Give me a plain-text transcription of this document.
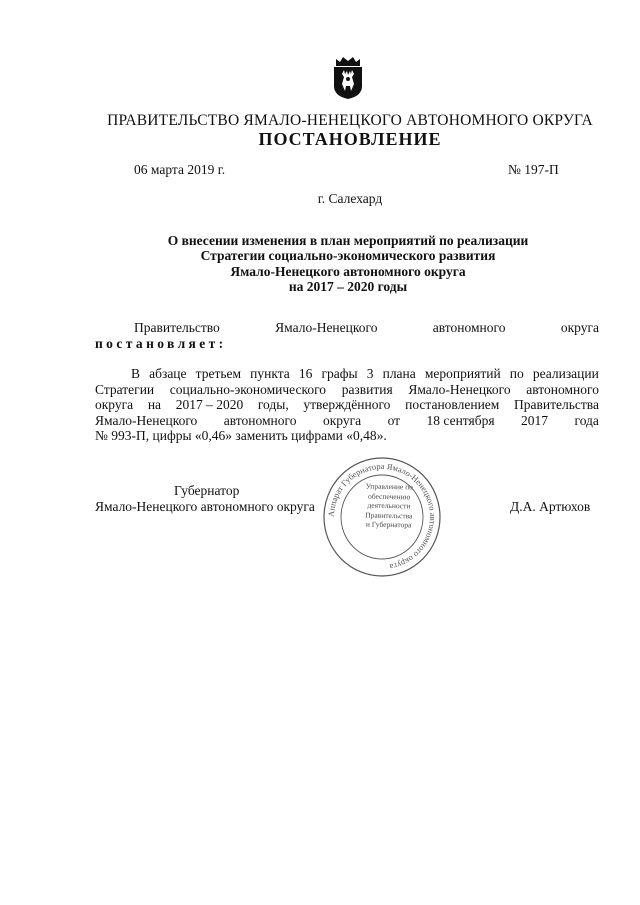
ПРАВИТЕЛЬСТВО ЯМАЛО-НЕНЕЦКОГО АВТОНОМНОГО ОКРУГА
ПОСТАНОВЛЕНИЕ
06 марта 2019 г.	№ 197-П
г. Салехард
О внесении изменения в план мероприятий по реализации
Стратегии социально-экономического развития
Ямало-Ненецкого автономного округа
на 2017 – 2020 годы
Правительство	Ямало-Ненецкого	автономного	округа
постановляет:
В абзаце третьем пункта 16 графы 3 плана мероприятий по реализации
Стратегии социально-экономического развития Ямало-Ненецкого автономного
округа на 2017 – 2020 годы, утверждённого постановлением Правительства
Ямало-Ненецкого автономного округа от 18 сентября 2017 года
№ 993-П, цифры «0,46» заменить цифрами «0,48».
Губернатор
Ямало-Ненецкого автономного округа	Д.А. Артюхов
Аппарат Губернатора Ямало-Ненецкого автономного округа
Управление по
обеспечению
деятельности
Правительства
и Губернатора
